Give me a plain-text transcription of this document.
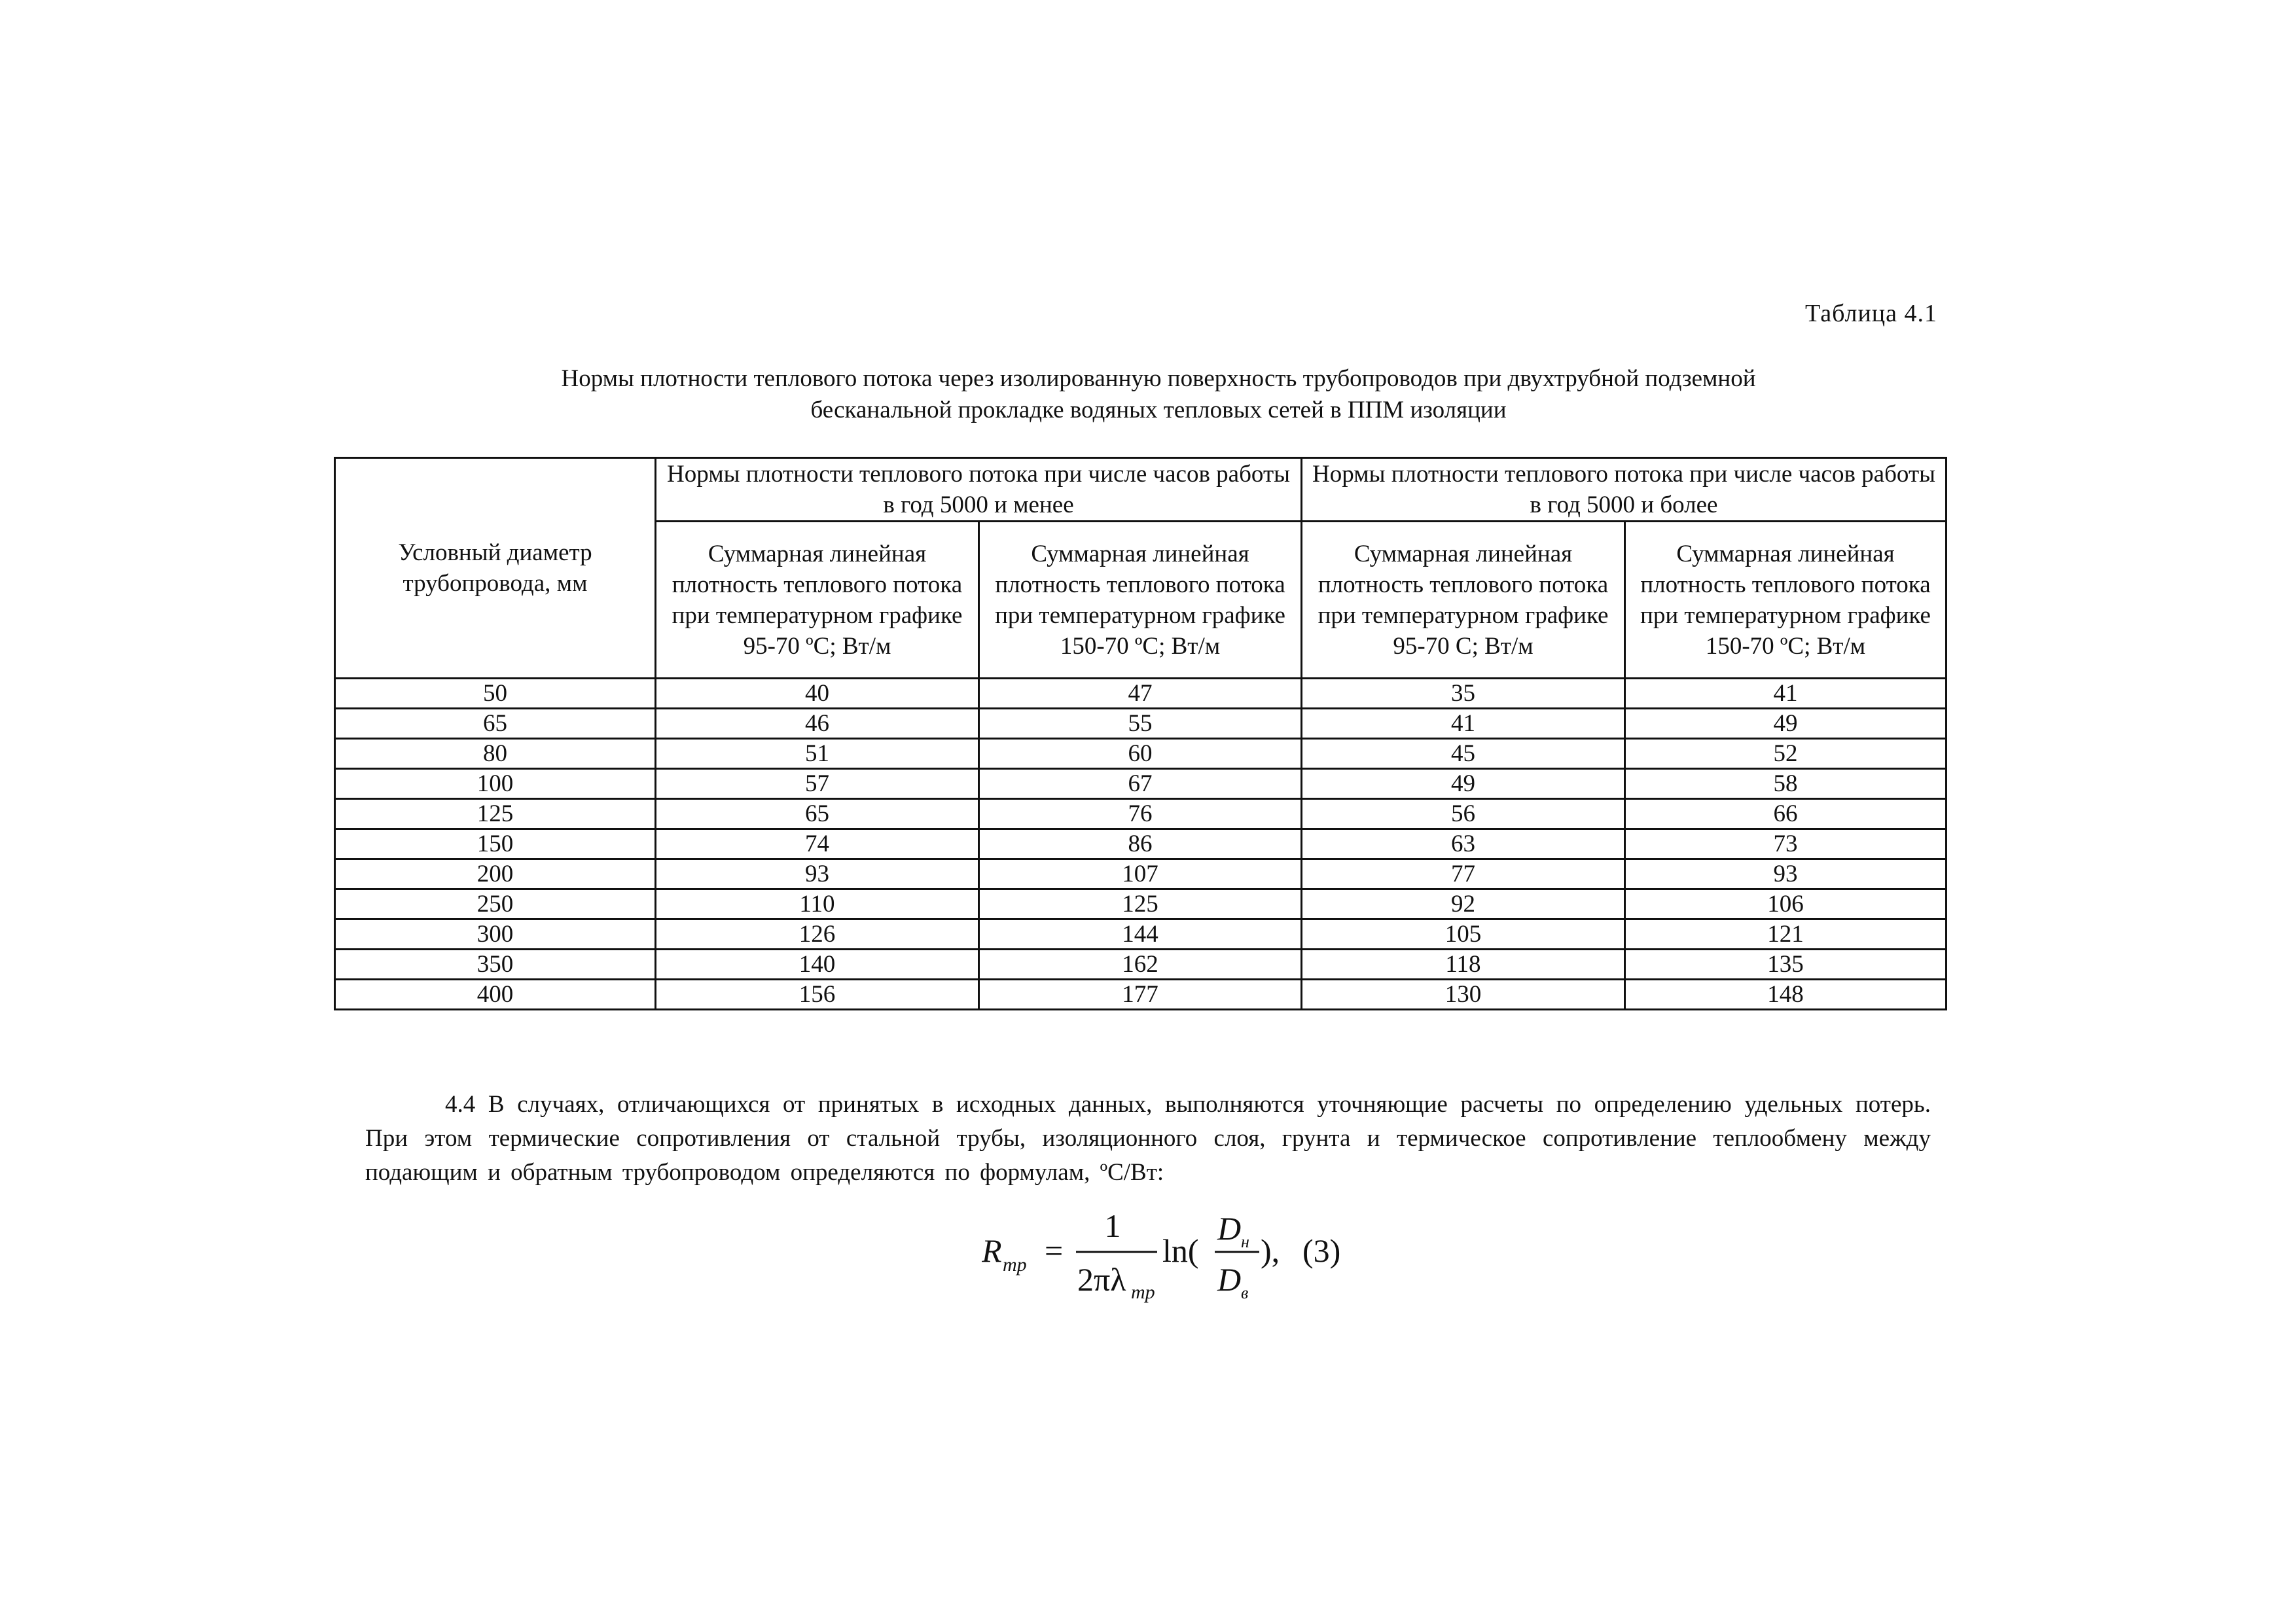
Таблица 4.1
Нормы плотности теплового потока через изолированную поверхность трубопроводов при двухтрубной подземной
бесканальной прокладке водяных тепловых сетей в ППМ изоляции
Условный диаметр трубопровода, мм	Нормы плотности теплового потока при числе часов работы в год 5000 и менее		Нормы плотности теплового потока при числе часов работы в год 5000 и более	
	Суммарная линейная плотность теплового потока при температурном графике 95-70 ºС; Вт/м	Суммарная линейная плотность теплового потока при температурном графике 150-70 ºС; Вт/м	Суммарная линейная плотность теплового потока при температурном графике 95-70 С; Вт/м	Суммарная линейная плотность теплового потока при температурном графике 150-70 ºС; Вт/м
50	40	47	35	41
65	46	55	41	49
80	51	60	45	52
100	57	67	49	58
125	65	76	56	66
150	74	86	63	73
200	93	107	77	93
250	110	125	92	106
300	126	144	105	121
350	140	162	118	135
400	156	177	130	148
4.4 В случаях, отличающихся от принятых в исходных данных, выполняются уточняющие расчеты по определению удельных потерь. При этом термические сопротивления от стальной трубы, изоляционного слоя, грунта и термическое сопротивление теплообмену между подающим и обратным трубопроводом определяются по формулам, ºС/Вт:
R тр =
1
2πλ тр
ln(
D н
D в
), (3)
